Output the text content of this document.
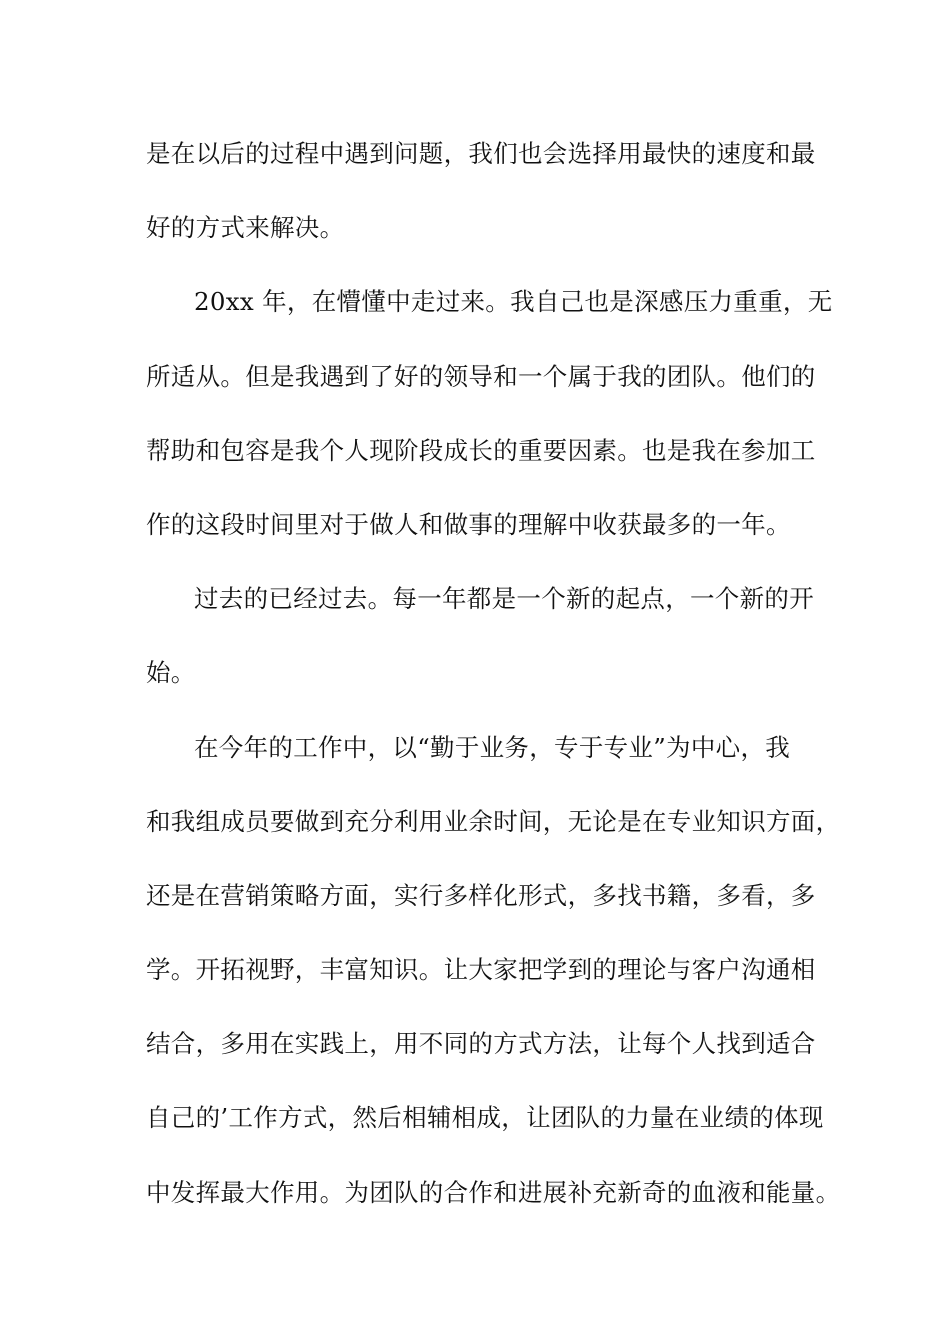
是在以后的过程中遇到问题，我们也会选择用最快的速度和最
好的方式来解决。
20xx 年，在懵懂中走过来。我自己也是深感压力重重，无
所适从。但是我遇到了好的领导和一个属于我的团队。他们的
帮助和包容是我个人现阶段成长的重要因素。也是我在参加工
作的这段时间里对于做人和做事的理解中收获最多的一年。
过去的已经过去。每一年都是一个新的起点，一个新的开
始。
在今年的工作中，以“勤于业务，专于专业”为中心，我
和我组成员要做到充分利用业余时间，无论是在专业知识方面，
还是在营销策略方面，实行多样化形式，多找书籍，多看，多
学。开拓视野，丰富知识。让大家把学到的理论与客户沟通相
结合，多用在实践上，用不同的方式方法，让每个人找到适合
自己的’工作方式，然后相辅相成，让团队的力量在业绩的体现
中发挥最大作用。为团队的合作和进展补充新奇的血液和能量。
